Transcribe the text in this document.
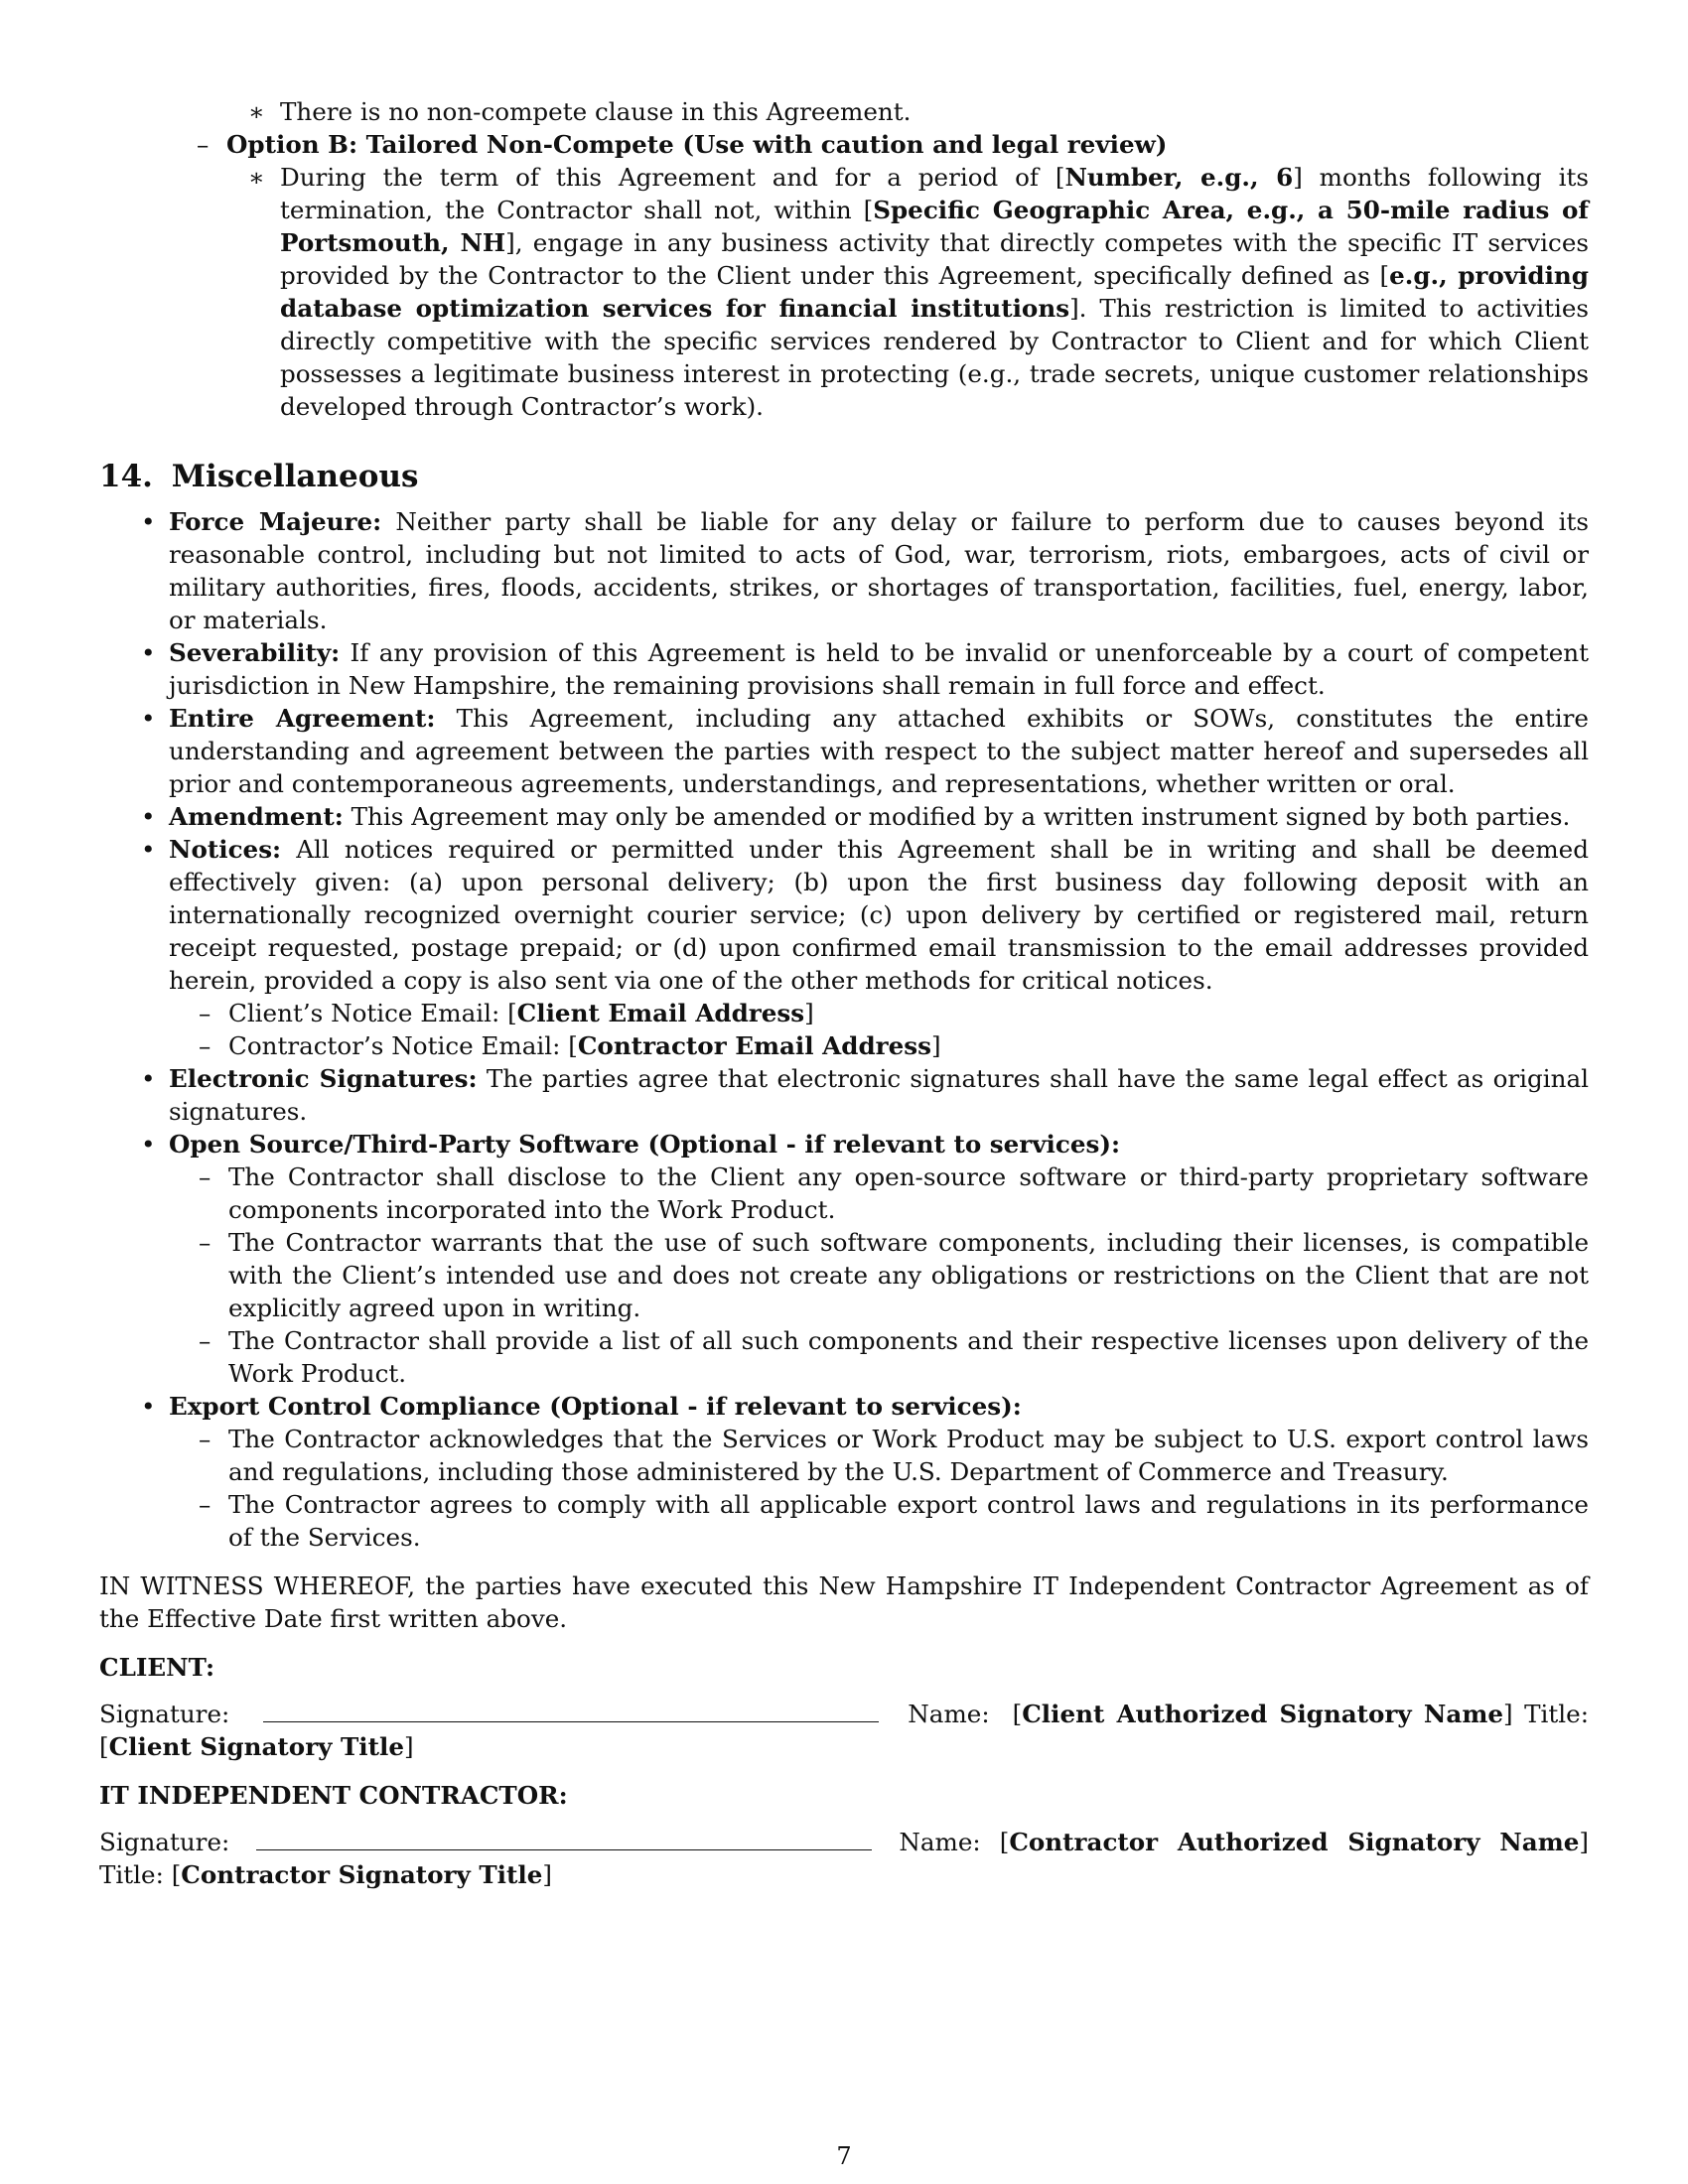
∗ There is no non-compete clause in this Agreement.
– Option B: Tailored Non-Compete (Use with caution and legal review)
∗ During the term of this Agreement and for a period of [Number, e.g., 6] months following its termination, the Contractor shall not, within [Specific Geographic Area, e.g., a 50-mile radius of Portsmouth, NH], engage in any business activity that directly competes with the specific IT services provided by the Contractor to the Client under this Agreement, specifically defined as [e.g., providing database optimization services for financial institutions]. This restriction is limited to activities directly competitive with the specific services rendered by Contractor to Client and for which Client possesses a legitimate business interest in protecting (e.g., trade secrets, unique customer relationships developed through Contractor’s work).
14. Miscellaneous
• Force Majeure: Neither party shall be liable for any delay or failure to perform due to causes beyond its reasonable control, including but not limited to acts of God, war, terrorism, riots, embargoes, acts of civil or military authorities, fires, floods, accidents, strikes, or shortages of transportation, facilities, fuel, energy, labor, or materials.
• Severability: If any provision of this Agreement is held to be invalid or unenforceable by a court of competent jurisdiction in New Hampshire, the remaining provisions shall remain in full force and effect.
• Entire Agreement: This Agreement, including any attached exhibits or SOWs, constitutes the entire understanding and agreement between the parties with respect to the subject matter hereof and supersedes all prior and contemporaneous agreements, understandings, and representations, whether written or oral.
• Amendment: This Agreement may only be amended or modified by a written instrument signed by both parties.
• Notices: All notices required or permitted under this Agreement shall be in writing and shall be deemed effectively given: (a) upon personal delivery; (b) upon the first business day following deposit with an internationally recognized overnight courier service; (c) upon delivery by certified or registered mail, return receipt requested, postage prepaid; or (d) upon confirmed email transmission to the email addresses provided herein, provided a copy is also sent via one of the other methods for critical notices.
– Client’s Notice Email: [Client Email Address]
– Contractor’s Notice Email: [Contractor Email Address]
• Electronic Signatures: The parties agree that electronic signatures shall have the same legal effect as original signatures.
• Open Source/Third-Party Software (Optional - if relevant to services):
– The Contractor shall disclose to the Client any open-source software or third-party proprietary software components incorporated into the Work Product.
– The Contractor warrants that the use of such software components, including their licenses, is compatible with the Client’s intended use and does not create any obligations or restrictions on the Client that are not explicitly agreed upon in writing.
– The Contractor shall provide a list of all such components and their respective licenses upon delivery of the Work Product.
• Export Control Compliance (Optional - if relevant to services):
– The Contractor acknowledges that the Services or Work Product may be subject to U.S. export control laws and regulations, including those administered by the U.S. Department of Commerce and Treasury.
– The Contractor agrees to comply with all applicable export control laws and regulations in its performance of the Services.
IN WITNESS WHEREOF, the parties have executed this New Hampshire IT Independent Contractor Agreement as of the Effective Date first written above.
CLIENT:
Signature:	Name: [Client Authorized Signatory Name] Title: [Client Signatory Title]
IT INDEPENDENT CONTRACTOR:
Signature:	Name: [Contractor Authorized Signatory Name] Title: [Contractor Signatory Title]
7
